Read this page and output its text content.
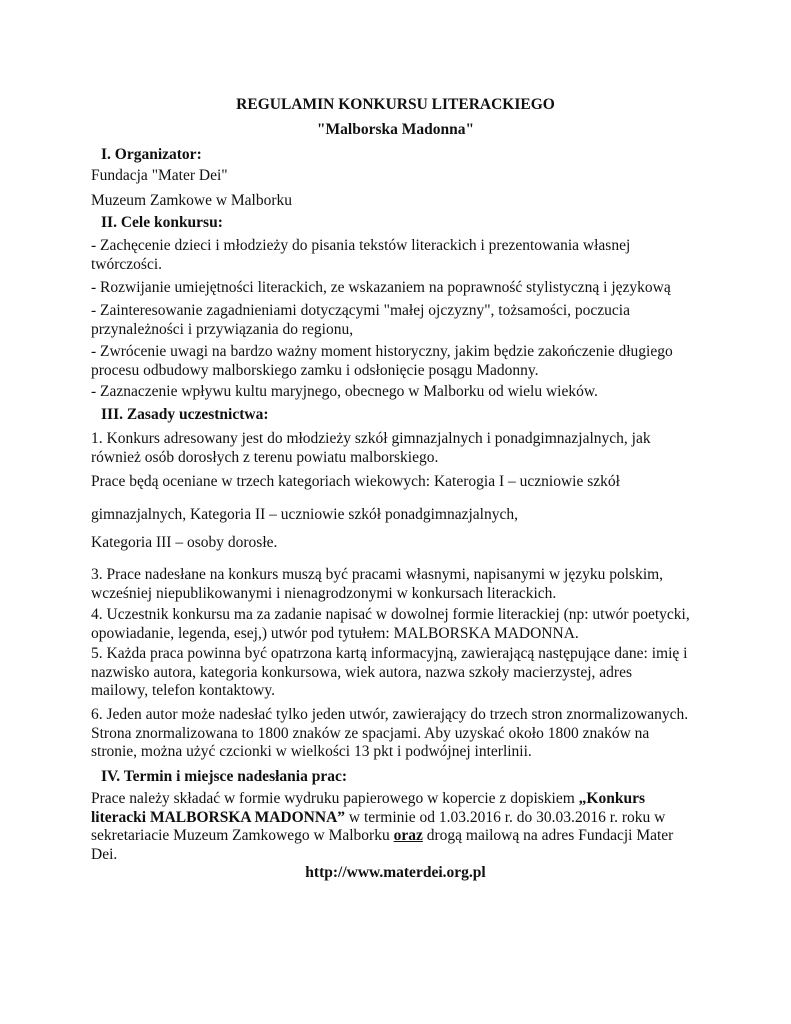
REGULAMIN KONKURSU LITERACKIEGO
"Malborska Madonna"
I. Organizator:
Fundacja "Mater Dei"
Muzeum Zamkowe w Malborku
II. Cele konkursu:
- Zachęcenie dzieci i młodzieży do pisania tekstów literackich i prezentowania własnej twórczości.
- Rozwijanie umiejętności literackich, ze wskazaniem na poprawność stylistyczną i językową
- Zainteresowanie zagadnieniami dotyczącymi "małej ojczyzny", tożsamości, poczucia przynależności i przywiązania do regionu,
- Zwrócenie uwagi na bardzo ważny moment historyczny, jakim będzie zakończenie długiego procesu odbudowy malborskiego zamku i odsłonięcie posągu Madonny.
- Zaznaczenie wpływu kultu maryjnego, obecnego w Malborku od wielu wieków.
III. Zasady uczestnictwa:
1. Konkurs adresowany jest do młodzieży szkół gimnazjalnych i ponadgimnazjalnych, jak również osób dorosłych z terenu powiatu malborskiego.
Prace będą oceniane w trzech kategoriach wiekowych: Katerogia I – uczniowie szkół
gimnazjalnych, Kategoria II – uczniowie szkół ponadgimnazjalnych,
Kategoria III – osoby dorosłe.
3. Prace nadesłane na konkurs muszą być pracami własnymi, napisanymi w języku polskim, wcześniej niepublikowanymi i nienagrodzonymi w konkursach literackich.
4. Uczestnik konkursu ma za zadanie napisać w dowolnej formie literackiej (np: utwór poetycki, opowiadanie, legenda, esej,) utwór pod tytułem: MALBORSKA MADONNA.
5. Każda praca powinna być opatrzona kartą informacyjną, zawierającą następujące dane: imię i nazwisko autora, kategoria konkursowa, wiek autora, nazwa szkoły macierzystej, adres mailowy, telefon kontaktowy.
6. Jeden autor może nadesłać tylko jeden utwór, zawierający do trzech stron znormalizowanych. Strona znormalizowana to 1800 znaków ze spacjami. Aby uzyskać około 1800 znaków na stronie, można użyć czcionki w wielkości 13 pkt i podwójnej interlinii.
IV. Termin i miejsce nadesłania prac:
Prace należy składać w formie wydruku papierowego w kopercie z dopiskiem „Konkurs literacki MALBORSKA MADONNA” w terminie od 1.03.2016 r. do 30.03.2016 r. roku w sekretariacie Muzeum Zamkowego w Malborku oraz drogą mailową na adres Fundacji Mater Dei.
http://www.materdei.org.pl
